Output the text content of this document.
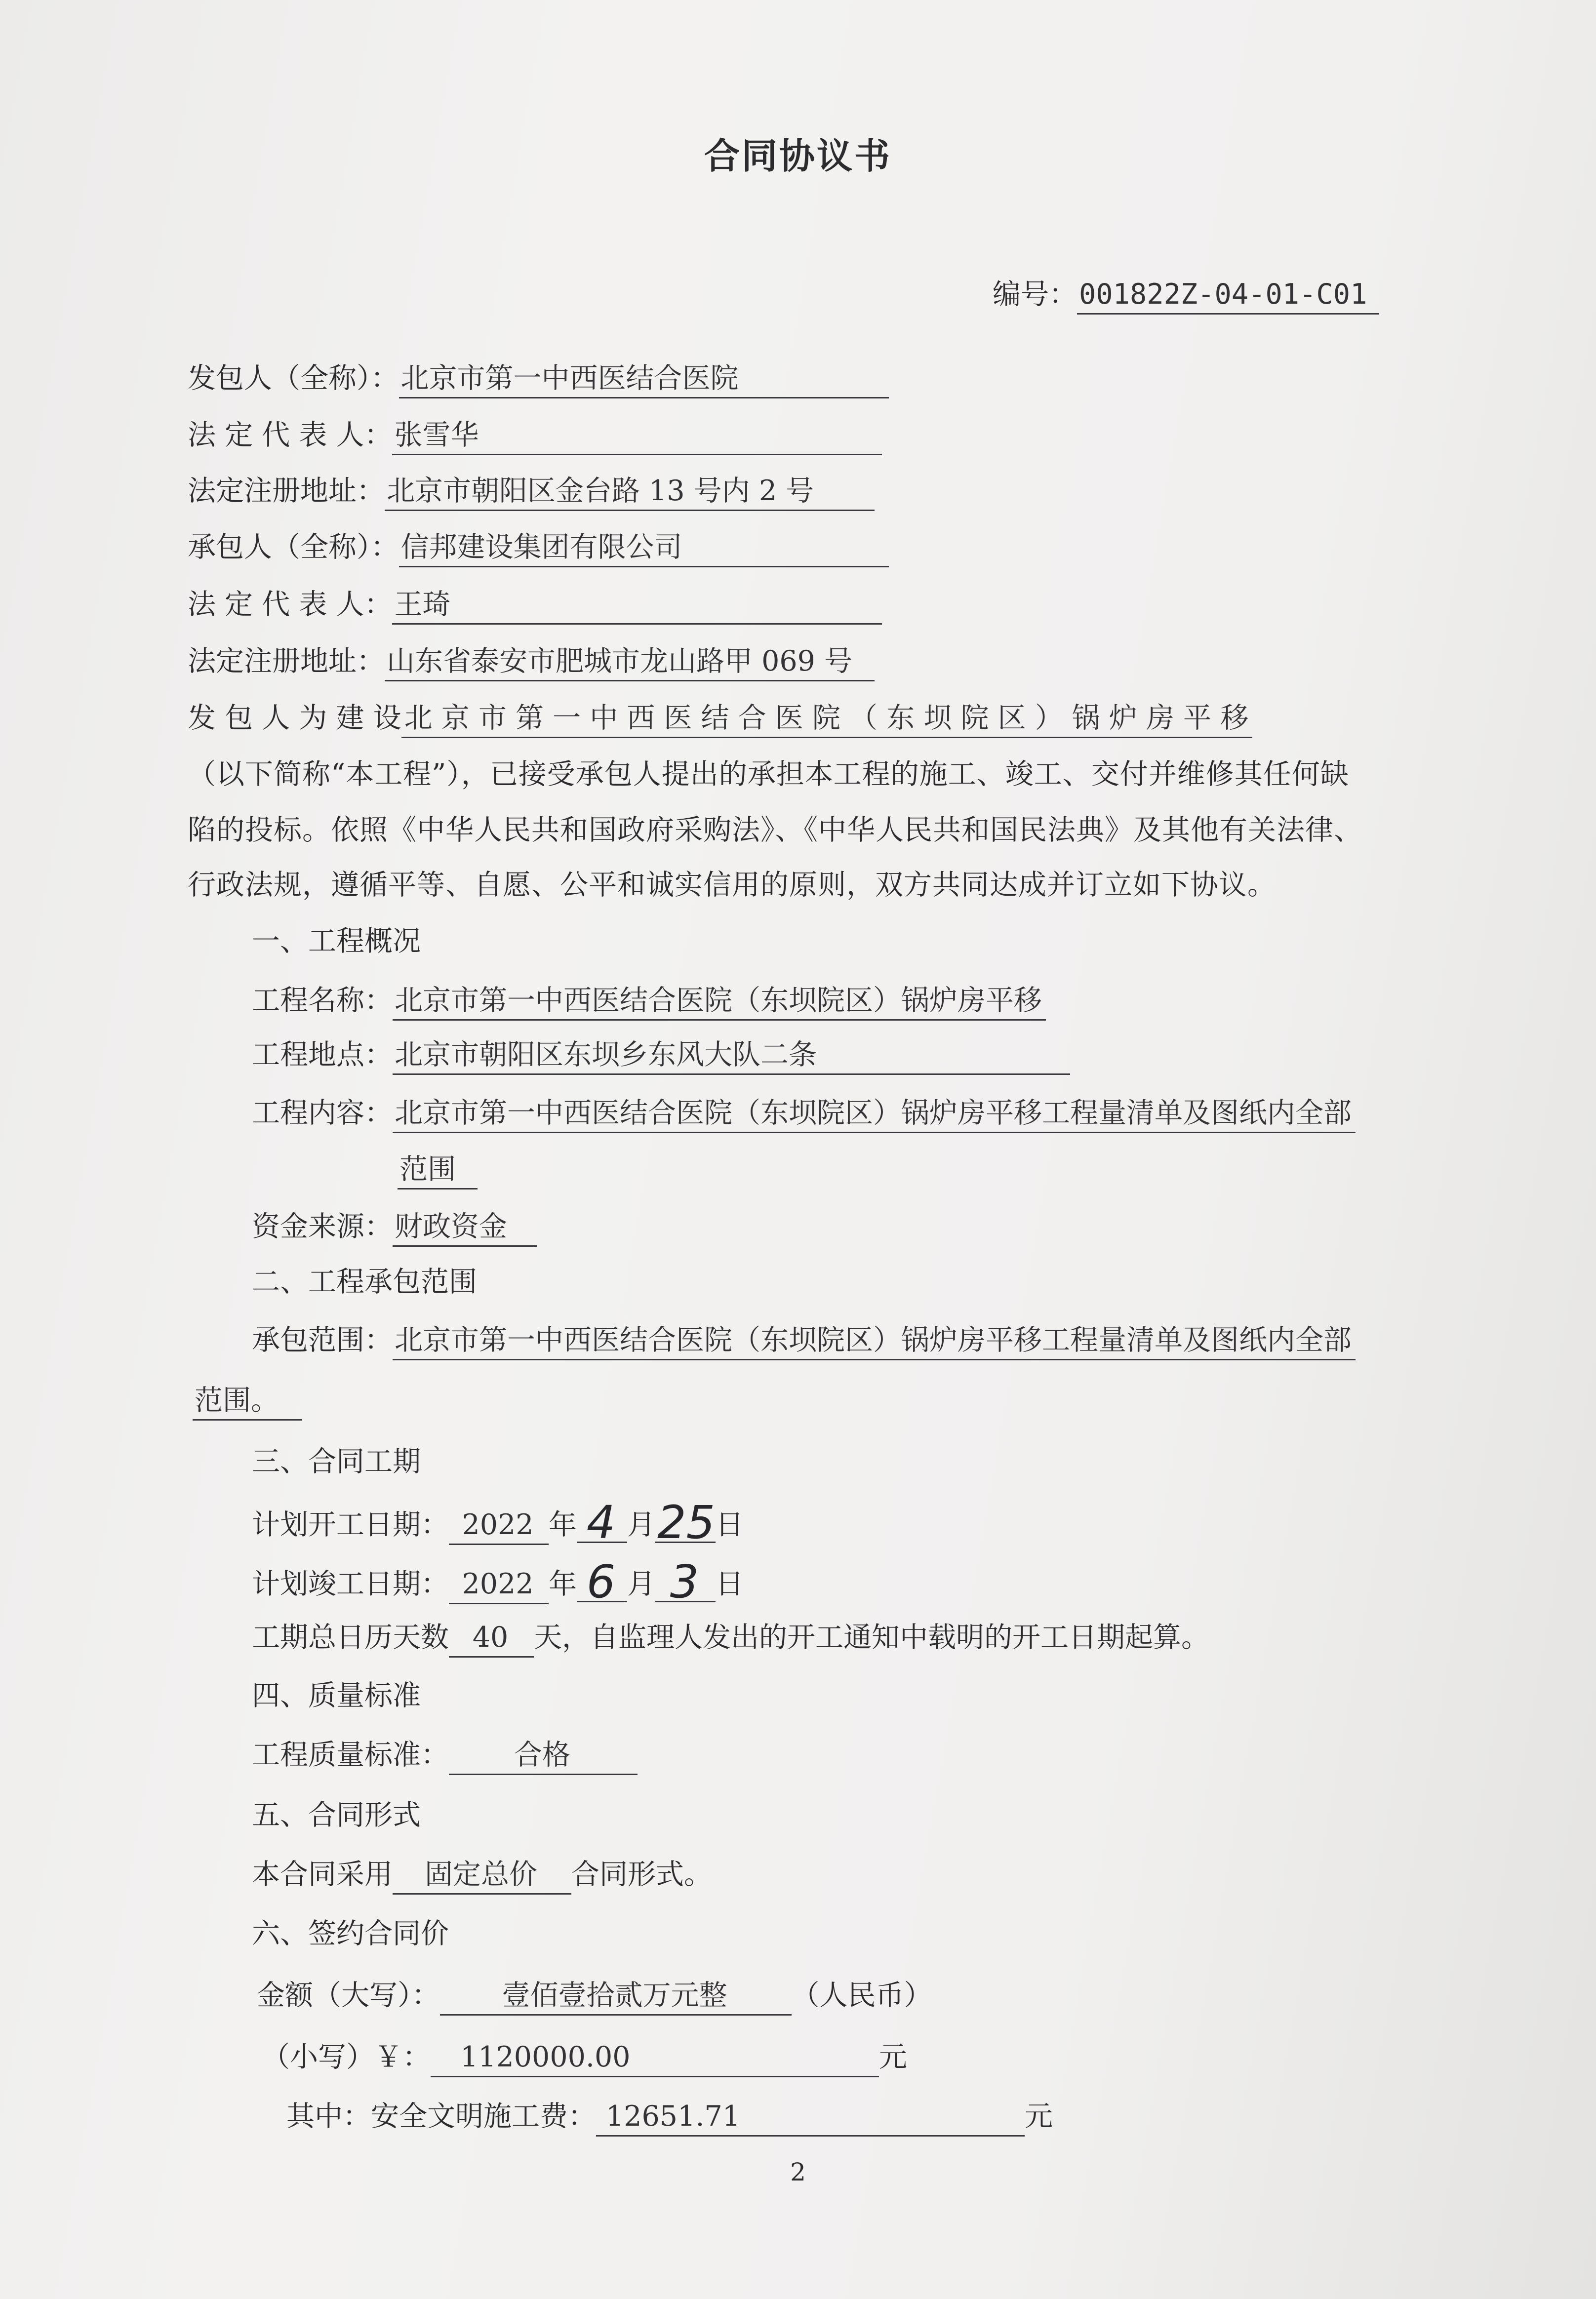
合同协议书
编号：001822Z-04-01-C01
发包人（全称）：北京市第一中西医结合医院
法 定 代 表 人：张雪华
法定注册地址：北京市朝阳区金台路 13 号内 2 号
承包人（全称）：信邦建设集团有限公司
法 定 代 表 人：王琦
法定注册地址：山东省泰安市肥城市龙山路甲 069 号
发 包 人 为 建 设 北 京 市 第 一 中 西 医 结 合 医 院 （ 东 坝 院 区 ） 锅 炉 房 平 移
（以下简称“本工程”），已接受承包人提出的承担本工程的施工、竣工、交付并维修其任何缺
陷的投标。依照《中华人民共和国政府采购法》、《中华人民共和国民法典》及其他有关法律、
行政法规，遵循平等、自愿、公平和诚实信用的原则，双方共同达成并订立如下协议。
一、工程概况
工程名称：北京市第一中西医结合医院（东坝院区）锅炉房平移
工程地点：北京市朝阳区东坝乡东风大队二条
工程内容：北京市第一中西医结合医院（东坝院区）锅炉房平移工程量清单及图纸内全部
范围
资金来源：财政资金
二、工程承包范围
承包范围：北京市第一中西医结合医院（东坝院区）锅炉房平移工程量清单及图纸内全部
范围。
三、合同工期
计划开工日期： 2022 年 4 月25日
计划竣工日期： 2022 年 6 月 3 日
工期总日历天数 40 天，自监理人发出的开工通知中载明的开工日期起算。
四、质量标准
工程质量标准： 合格
五、合同形式
本合同采用 固定总价 合同形式。
六、签约合同价
金额（大写）： 壹佰壹拾贰万元整 （人民币）
（小写）￥： 1120000.00	元
其中：安全文明施工费： 12651.71	元
2
